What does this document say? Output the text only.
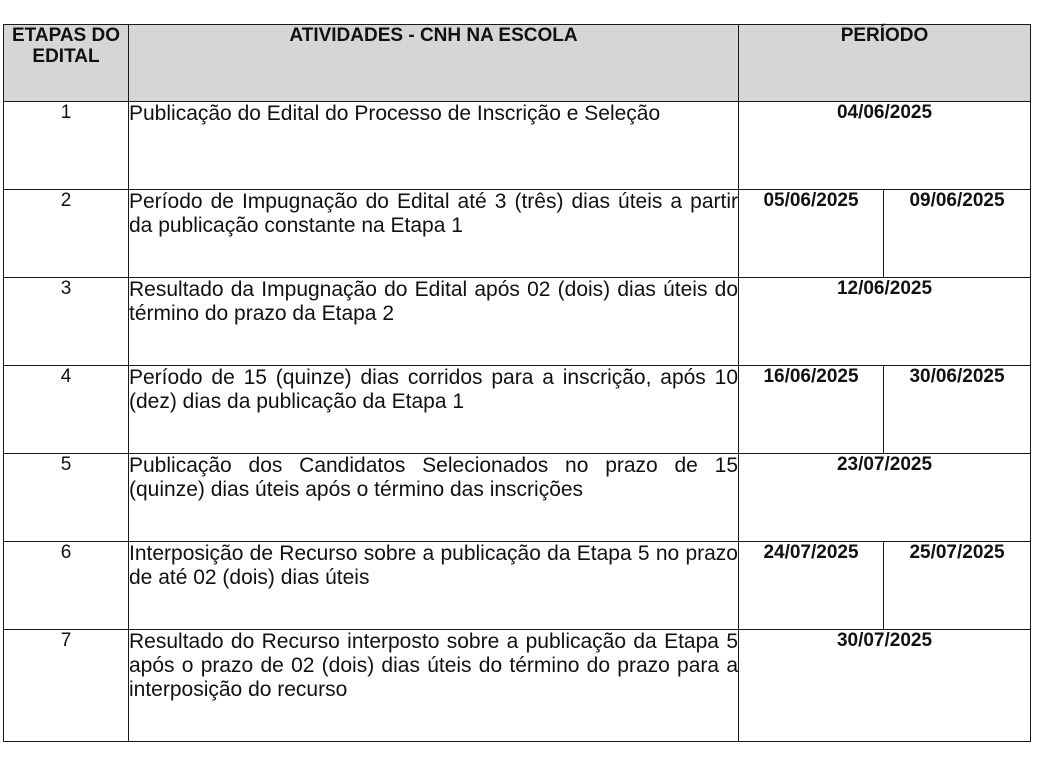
ETAPAS DO EDITAL	ATIVIDADES - CNH NA ESCOLA	PERÍODO	
1	Publicação do Edital do Processo de Inscrição e Seleção	04/06/2025	
2	Período de Impugnação do Edital até 3 (três) dias úteis a partir da publicação constante na Etapa 1	05/06/2025	09/06/2025
3	Resultado da Impugnação do Edital após 02 (dois) dias úteis do término do prazo da Etapa 2	12/06/2025	
4	Período de 15 (quinze) dias corridos para a inscrição, após 10 (dez) dias da publicação da Etapa 1	16/06/2025	30/06/2025
5	Publicação dos Candidatos Selecionados no prazo de 15 (quinze) dias úteis após o término das inscrições	23/07/2025	
6	Interposição de Recurso sobre a publicação da Etapa 5 no prazo de até 02 (dois) dias úteis	24/07/2025	25/07/2025
7	Resultado do Recurso interposto sobre a publicação da Etapa 5 após o prazo de 02 (dois) dias úteis do término do prazo para a interposição do recurso	30/07/2025	
